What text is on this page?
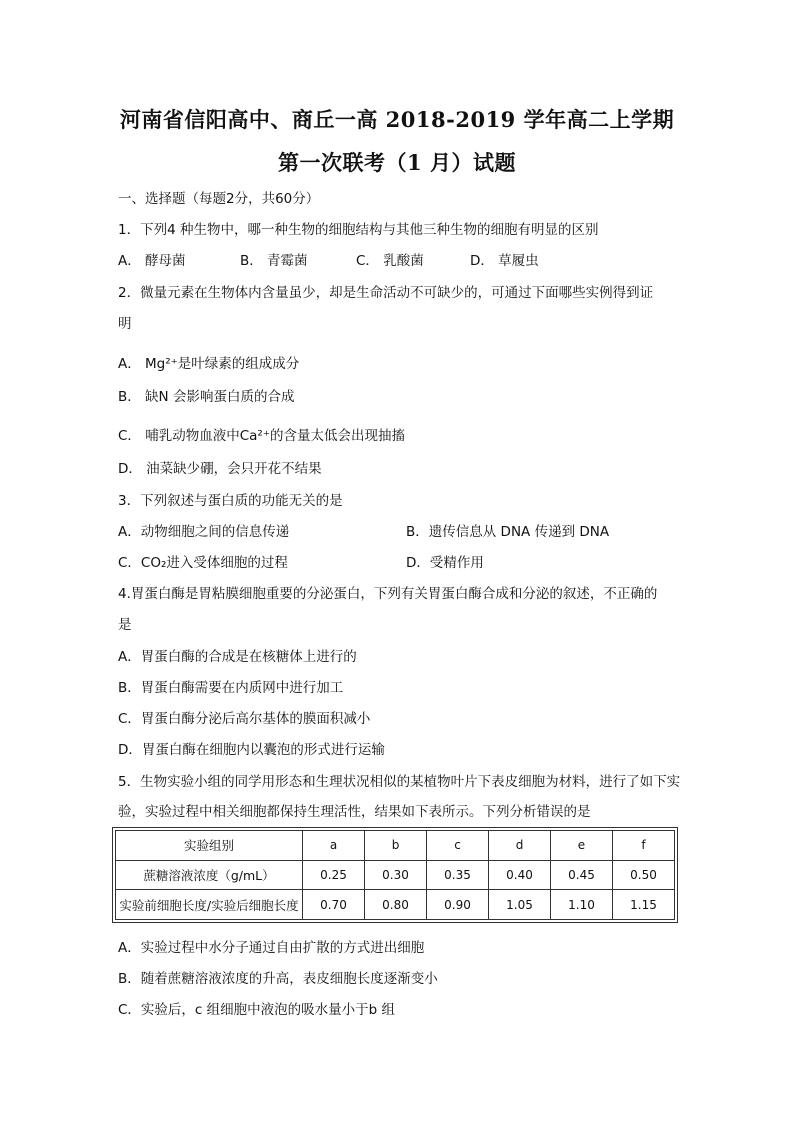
河南省信阳高中、商丘一高 2018-2019 学年高二上学期
第一次联考（1 月）试题
一、选择题（每题2分，共60分）
1．下列4 种生物中，哪一种生物的细胞结构与其他三种生物的细胞有明显的区别
A． 酵母菌	B． 青霉菌	C． 乳酸菌	D． 草履虫
2．微量元素在生物体内含量虽少，却是生命活动不可缺少的，可通过下面哪些实例得到证
明
A． Mg²⁺是叶绿素的组成成分
B． 缺N 会影响蛋白质的合成
C． 哺乳动物血液中Ca²⁺的含量太低会出现抽搐
D． 油菜缺少硼，会只开花不结果
3．下列叙述与蛋白质的功能无关的是
A．动物细胞之间的信息传递	B．遗传信息从 DNA 传递到 DNA
C．CO₂进入受体细胞的过程	D．受精作用
4.胃蛋白酶是胃粘膜细胞重要的分泌蛋白，下列有关胃蛋白酶合成和分泌的叙述，不正确的
是
A．胃蛋白酶的合成是在核糖体上进行的
B．胃蛋白酶需要在内质网中进行加工
C．胃蛋白酶分泌后高尔基体的膜面积减小
D．胃蛋白酶在细胞内以囊泡的形式进行运输
5．生物实验小组的同学用形态和生理状况相似的某植物叶片下表皮细胞为材料，进行了如下实
验，实验过程中相关细胞都保持生理活性，结果如下表所示。下列分析错误的是
实验组别	a	b	c	d	e	f
蔗糖溶液浓度（g/mL）	0.25	0.30	0.35	0.40	0.45	0.50
实验前细胞长度/实验后细胞长度	0.70	0.80	0.90	1.05	1.10	1.15
A．实验过程中水分子通过自由扩散的方式进出细胞
B．随着蔗糖溶液浓度的升高，表皮细胞长度逐渐变小
C．实验后，c 组细胞中液泡的吸水量小于b 组
